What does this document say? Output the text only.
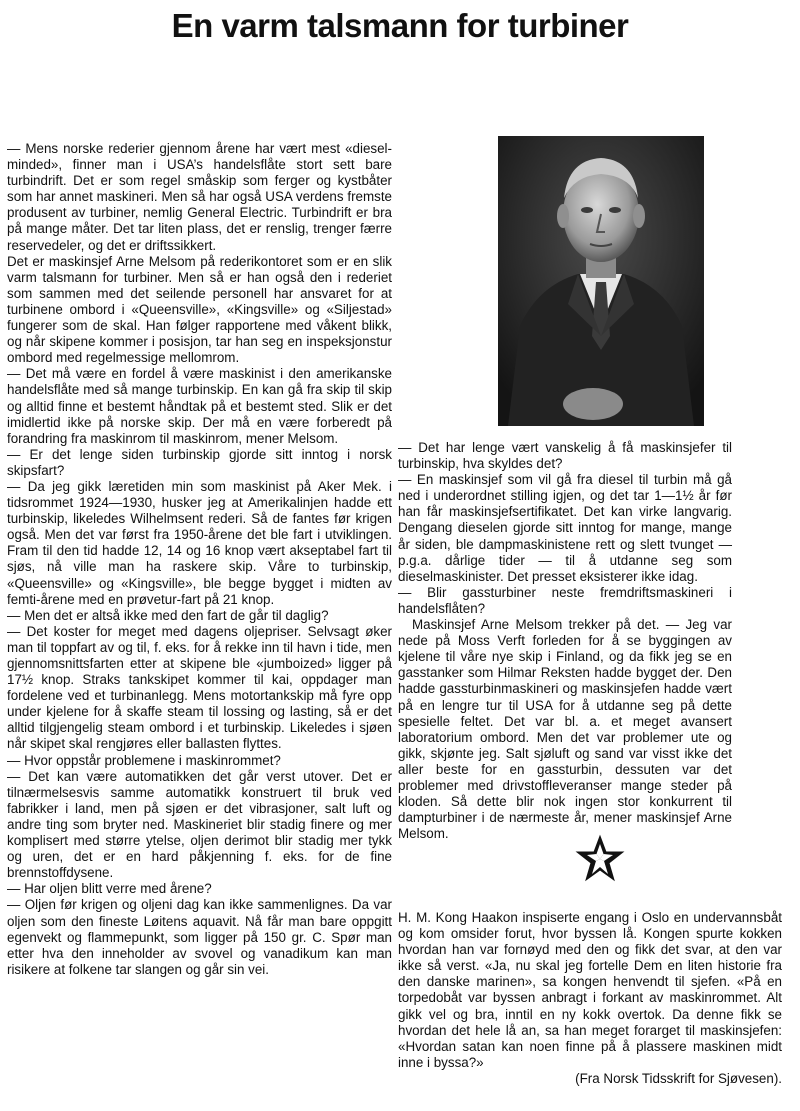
En varm talsmann for turbiner

— Mens norske rederier gjennom årene har vært mest «diesel-minded», finner man i USA’s handelsflåte stort sett bare turbindrift. Det er som regel småskip som ferger og kystbåter som har annet maskineri. Men så har også USA verdens fremste produsent av turbiner, nemlig General Electric. Turbindrift er bra på mange måter. Det tar liten plass, det er renslig, trenger færre reservedeler, og det er driftssikkert.

Det er maskinsjef Arne Melsom på rederikontoret som er en slik varm talsmann for turbiner. Men så er han også den i rederiet som sammen med det seilende personell har ansvaret for at turbinene ombord i «Queensville», «Kingsville» og «Siljestad» fungerer som de skal. Han følger rapportene med våkent blikk, og når skipene kommer i posisjon, tar han seg en inspeksjonstur ombord med regelmessige mellomrom.

— Det må være en fordel å være maskinist i den amerikanske handelsflåte med så mange turbinskip. En kan gå fra skip til skip og alltid finne et bestemt håndtak på et bestemt sted. Slik er det imidlertid ikke på norske skip. Der må en være forberedt på forandring fra maskinrom til maskinrom, mener Melsom.

— Er det lenge siden turbinskip gjorde sitt inntog i norsk skipsfart?

— Da jeg gikk læretiden min som maskinist på Aker Mek. i tidsrommet 1924—1930, husker jeg at Amerikalinjen hadde ett turbinskip, likeledes Wilhelmsent rederi. Så de fantes før krigen også. Men det var først fra 1950-årene det ble fart i utviklingen. Fram til den tid hadde 12, 14 og 16 knop vært akseptabel fart til sjøs, nå ville man ha raskere skip. Våre to turbinskip, «Queensville» og «Kingsville», ble begge bygget i midten av femti-årene med en prøvetur-fart på 21 knop.

— Men det er altså ikke med den fart de går til daglig?

— Det koster for meget med dagens oljepriser. Selvsagt øker man til toppfart av og til, f. eks. for å rekke inn til havn i tide, men gjennomsnittsfarten etter at skipene ble «jumboized» ligger på 17½ knop. Straks tankskipet kommer til kai, oppdager man fordelene ved et turbinanlegg. Mens motortankskip må fyre opp under kjelene for å skaffe steam til lossing og lasting, så er det alltid tilgjengelig steam ombord i et turbinskip. Likeledes i sjøen når skipet skal rengjøres eller ballasten flyttes.

— Hvor oppstår problemene i maskinrommet?

— Det kan være automatikken det går verst utover. Det er tilnærmelsesvis samme automatikk konstruert til bruk ved fabrikker i land, men på sjøen er det vibrasjoner, salt luft og andre ting som bryter ned. Maskineriet blir stadig finere og mer komplisert med større ytelse, oljen derimot blir stadig mer tykk og uren, det er en hard påkjenning f. eks. for de fine brennstoffdysene.

— Har oljen blitt verre med årene?

— Oljen før krigen og oljeni dag kan ikke sammenlignes. Da var oljen som den fineste Løitens aquavit. Nå får man bare oppgitt egenvekt og flammepunkt, som ligger på 150 gr. C. Spør man etter hva den inneholder av svovel og vanadikum kan man risikere at folkene tar slangen og går sin vei.

— Det har lenge vært vanskelig å få maskinsjefer til turbinskip, hva skyldes det?

— En maskinsjef som vil gå fra diesel til turbin må gå ned i underordnet stilling igjen, og det tar 1—1½ år før han får maskinsjefsertifikatet. Det kan virke langvarig. Dengang dieselen gjorde sitt inntog for mange, mange år siden, ble dampmaskinistene rett og slett tvunget — p.g.a. dårlige tider — til å utdanne seg som dieselmaskinister. Det presset eksisterer ikke idag.

— Blir gassturbiner neste fremdriftsmaskineri i handelsflåten?

Maskinsjef Arne Melsom trekker på det. — Jeg var nede på Moss Verft forleden for å se byggingen av kjelene til våre nye skip i Finland, og da fikk jeg se en gasstanker som Hilmar Reksten hadde bygget der. Den hadde gassturbinmaskineri og maskinsjefen hadde vært på en lengre tur til USA for å utdanne seg på dette spesielle feltet. Det var bl. a. et meget avansert laboratorium ombord. Men det var problemer ute og gikk, skjønte jeg. Salt sjøluft og sand var visst ikke det aller beste for en gassturbin, dessuten var det problemer med drivstoffleveranser mange steder på kloden. Så dette blir nok ingen stor konkurrent til dampturbiner i de nærmeste år, mener maskinsjef Arne Melsom.

H. M. Kong Haakon inspiserte engang i Oslo en undervannsbåt og kom omsider forut, hvor byssen lå. Kongen spurte kokken hvordan han var fornøyd med den og fikk det svar, at den var ikke så verst. «Ja, nu skal jeg fortelle Dem en liten historie fra den danske marinen», sa kongen henvendt til sjefen. «På en torpedobåt var byssen anbragt i forkant av maskinrommet. Alt gikk vel og bra, inntil en ny kokk overtok. Da denne fikk se hvordan det hele lå an, sa han meget forarget til maskinsjefen: «Hvordan satan kan noen finne på å plassere maskinen midt inne i byssa?»

(Fra Norsk Tidsskrift for Sjøvesen).
